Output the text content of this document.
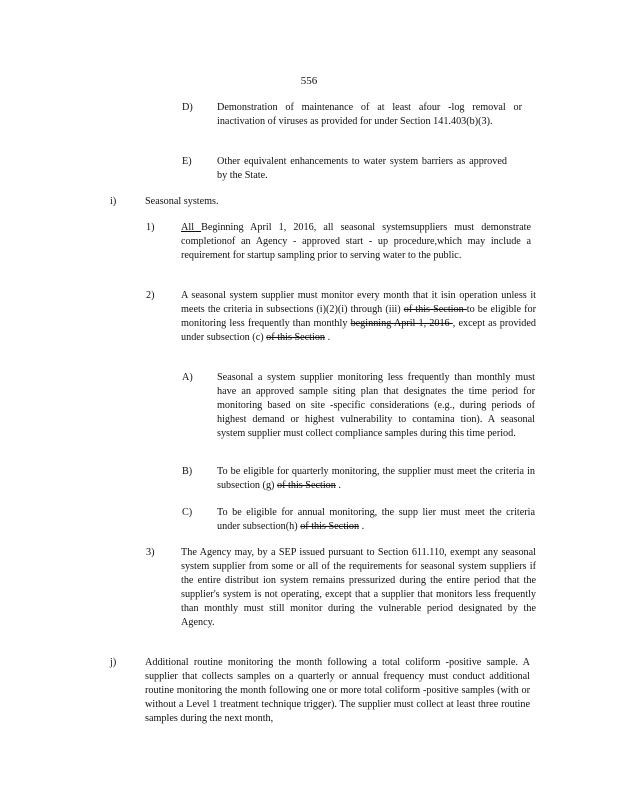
556
D) Demonstration of maintenance of at least afour -log removal or inactivation of viruses as provided for under Section 141.403(b)(3).
E) Other equivalent enhancements to water system barriers as approved by the State.
i)	Seasonal systems.
1)	All Beginning April 1, 2016, all seasonal systemsuppliers must demonstrate completionof an Agency - approved start - up procedure,which may include a requirement for startup sampling prior to serving water to the public.
2)	A seasonal system supplier must monitor every month that it isin operation unless it meets the criteria in subsections (i)(2)(i) through (iii) of this Section to be eligible for monitoring less frequently than monthly beginning April 1, 2016 , except as provided under subsection (c) of this Section .
A) Seasonal a system supplier monitoring less frequently than monthly must have an approved sample siting plan that designates the time period for monitoring based on site -specific considerations (e.g., during periods of highest demand or highest vulnerability to contamina tion). A seasonal system supplier must collect compliance samples during this time period.
B) To be eligible for quarterly monitoring, the supplier must meet the criteria in subsection (g) of this Section .
C) To be eligible for annual monitoring, the supp lier must meet the criteria under subsection(h) of this Section .
3)	The Agency may, by a SEP issued pursuant to Section 611.110, exempt any seasonal system supplier from some or all of the requirements for seasonal system suppliers if the entire distribut ion system remains pressurized during the entire period that the supplier's system is not operating, except that a supplier that monitors less frequently than monthly must still monitor during the vulnerable period designated by the Agency.
j)	Additional routine monitoring the month following a total coliform -positive sample. A supplier that collects samples on a quarterly or annual frequency must conduct additional routine monitoring the month following one or more total coliform -positive samples (with or without a Level 1 treatment technique trigger). The supplier must collect at least three routine samples during the next month,
